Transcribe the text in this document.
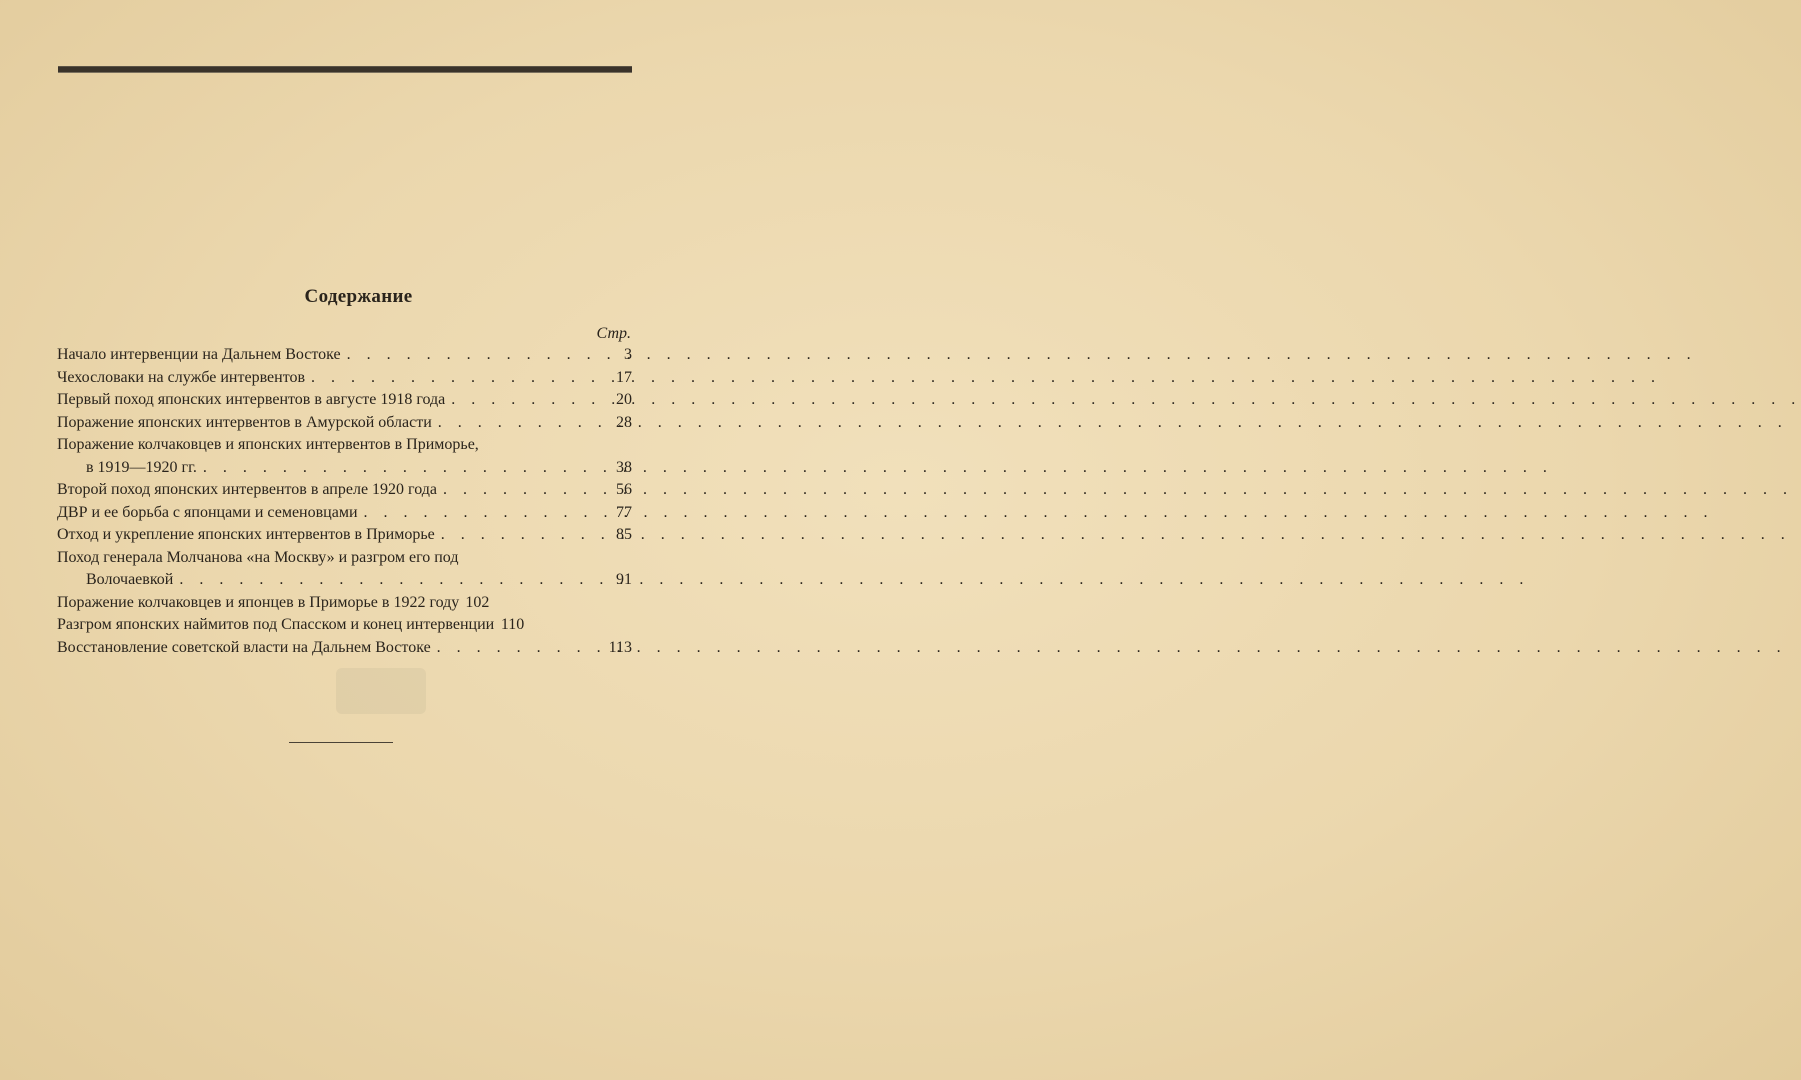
Содержание
Стр.
Начало интервенции на Дальнем Востоке . . .	3
Чехословаки на службе интервентов . . .	17
Первый поход японских интервентов в августе 1918 года . . .	20
Поражение японских интервентов в Амурской области . . .	28
Поражение колчаковцев и японских интервентов в Приморье,
в 1919—1920 гг. . . .	38
Второй поход японских интервентов в апреле 1920 года . . .	56
ДВР и ее борьба с японцами и семеновцами . . .	77
Отход и укрепление японских интервентов в Приморье . . .	85
Поход генерала Молчанова «на Москву» и разгром его под
Волочаевкой . . .	91
Поражение колчаковцев и японцев в Приморье в 1922 году 102
Разгром японских наймитов под Спасском и конец интервенции 110
Восстановление советской власти на Дальнем Востоке . . .	113
